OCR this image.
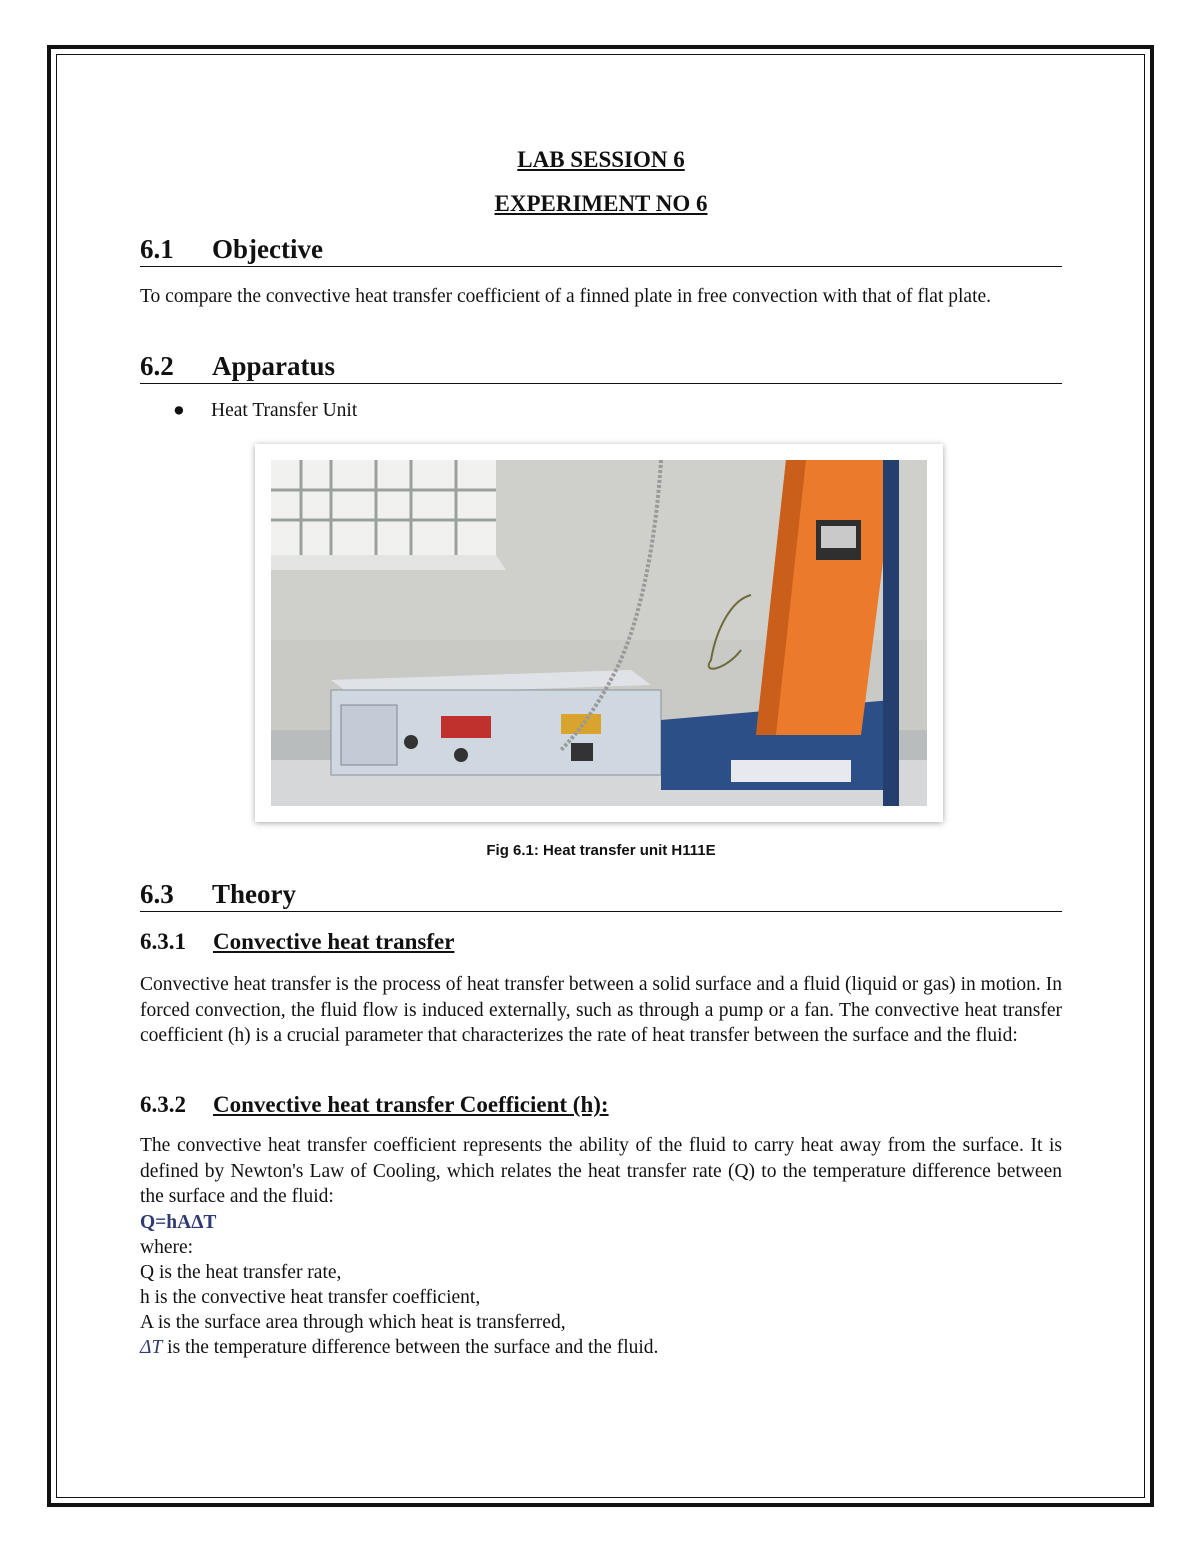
LAB SESSION 6
EXPERIMENT NO 6
6.1 Objective
To compare the convective heat transfer coefficient of a finned plate in free convection with that of flat plate.
6.2 Apparatus
● Heat Transfer Unit
Fig 6.1: Heat transfer unit H111E
6.3 Theory
6.3.1 Convective heat transfer
Convective heat transfer is the process of heat transfer between a solid surface and a fluid (liquid or gas) in motion. In forced convection, the fluid flow is induced externally, such as through a pump or a fan. The convective heat transfer coefficient (h) is a crucial parameter that characterizes the rate of heat transfer between the surface and the fluid:
6.3.2 Convective heat transfer Coefficient (h):
The convective heat transfer coefficient represents the ability of the fluid to carry heat away from the surface. It is defined by Newton's Law of Cooling, which relates the heat transfer rate (Q) to the temperature difference between the surface and the fluid:
Q=hAΔT
where:
Q is the heat transfer rate,
h is the convective heat transfer coefficient,
A is the surface area through which heat is transferred,
ΔT is the temperature difference between the surface and the fluid.
